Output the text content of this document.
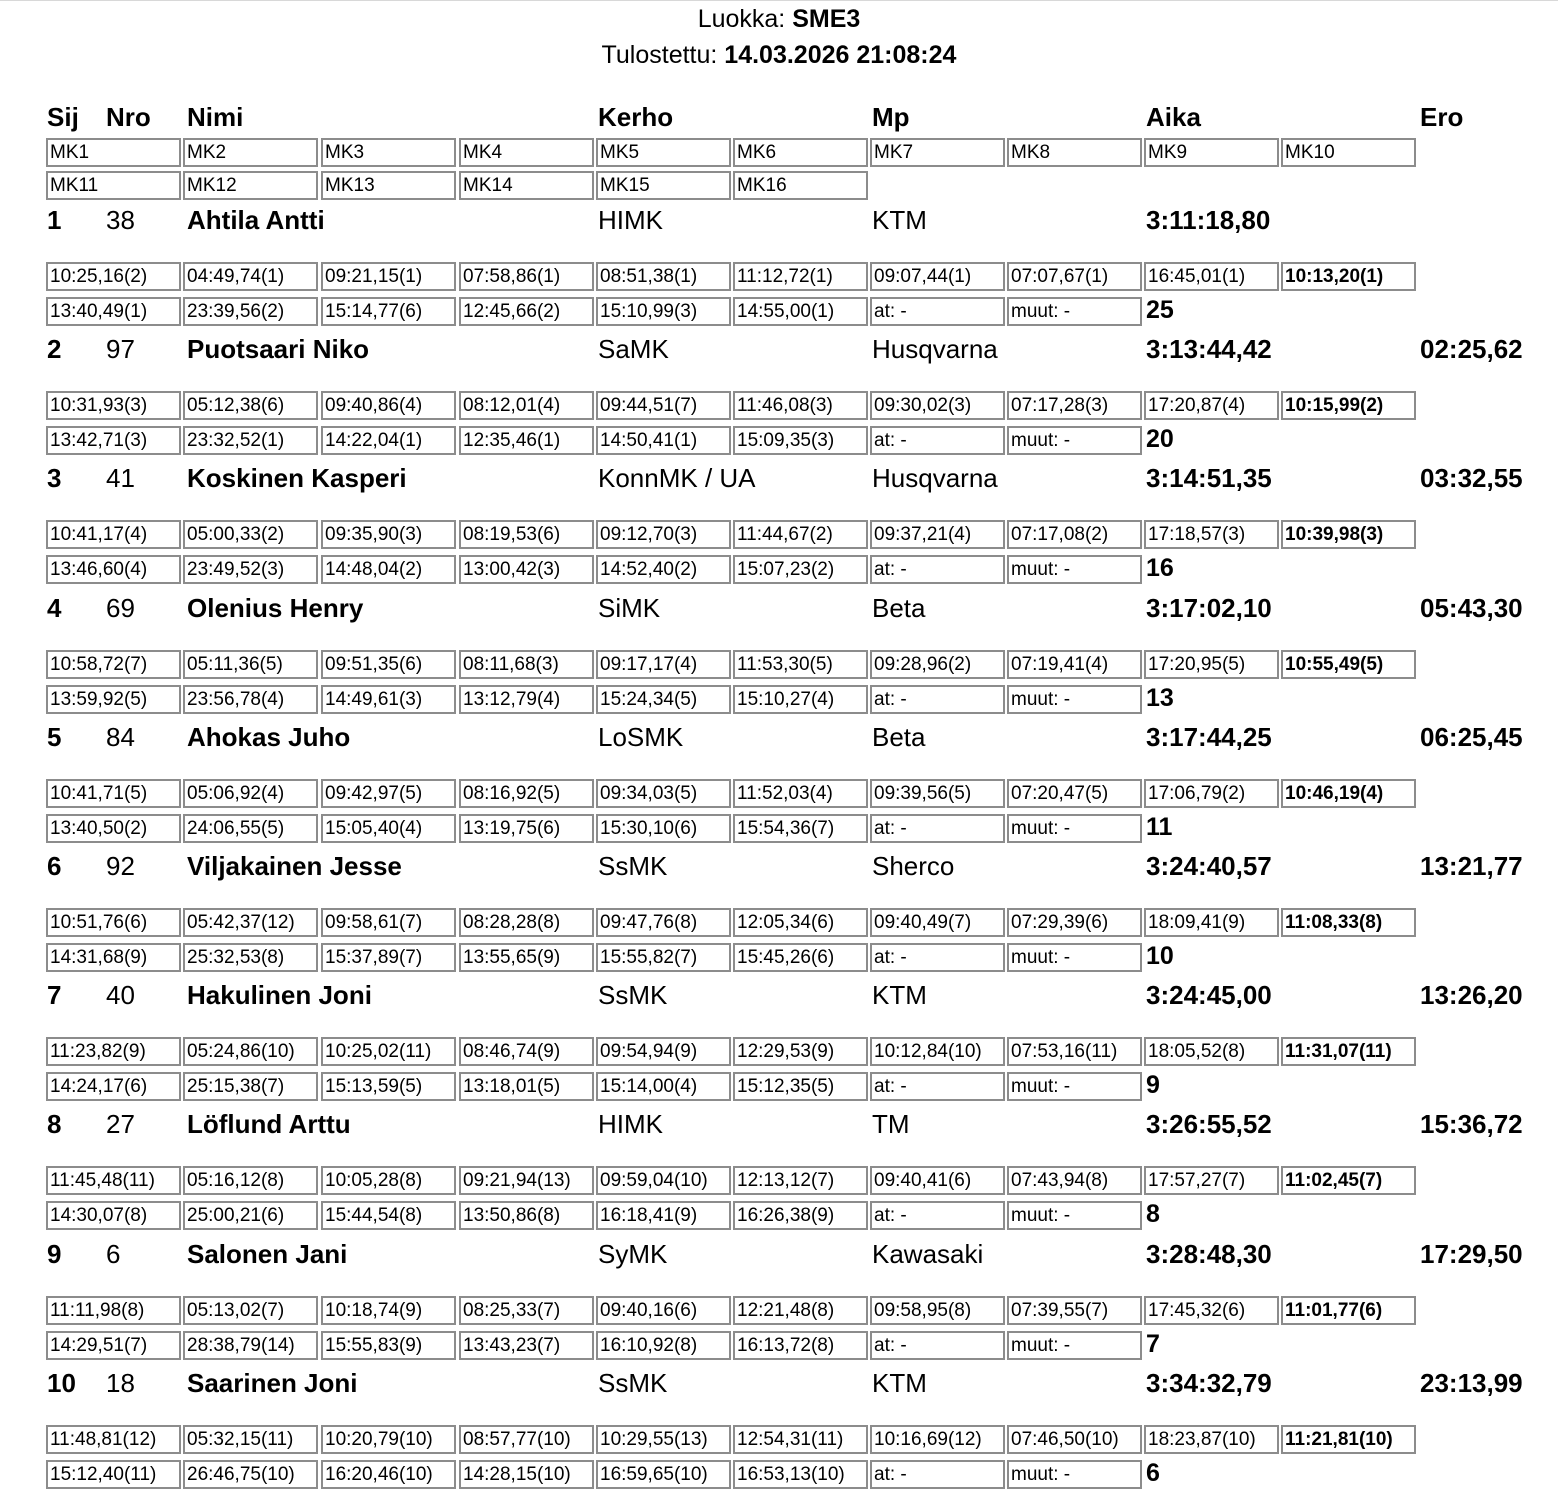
Luokka: SME3
Tulostettu: 14.03.2026 21:08:24
Sij Nro Nimi	Kerho	Mp	Aika	Ero
MK1	MK2	MK3	MK4	MK5	MK6	MK7	MK8	MK9	MK10
MK11	MK12	MK13	MK14	MK15	MK16
1 38 Ahtila Antti	HIMK	KTM	3:11:18,80
10:25,16(2)	04:49,74(1)	09:21,15(1)	07:58,86(1)	08:51,38(1)	11:12,72(1)	09:07,44(1)	07:07,67(1)	16:45,01(1)	10:13,20(1)
13:40,49(1)	23:39,56(2)	15:14,77(6)	12:45,66(2)	15:10,99(3)	14:55,00(1)	at: -	muut: -	25
2 97 Puotsaari Niko	SaMK	Husqvarna	3:13:44,42	02:25,62
10:31,93(3)	05:12,38(6)	09:40,86(4)	08:12,01(4)	09:44,51(7)	11:46,08(3)	09:30,02(3)	07:17,28(3)	17:20,87(4)	10:15,99(2)
13:42,71(3)	23:32,52(1)	14:22,04(1)	12:35,46(1)	14:50,41(1)	15:09,35(3)	at: -	muut: -	20
3 41 Koskinen Kasperi	KonnMK / UA	Husqvarna	3:14:51,35	03:32,55
10:41,17(4)	05:00,33(2)	09:35,90(3)	08:19,53(6)	09:12,70(3)	11:44,67(2)	09:37,21(4)	07:17,08(2)	17:18,57(3)	10:39,98(3)
13:46,60(4)	23:49,52(3)	14:48,04(2)	13:00,42(3)	14:52,40(2)	15:07,23(2)	at: -	muut: -	16
4 69 Olenius Henry	SiMK	Beta	3:17:02,10	05:43,30
10:58,72(7)	05:11,36(5)	09:51,35(6)	08:11,68(3)	09:17,17(4)	11:53,30(5)	09:28,96(2)	07:19,41(4)	17:20,95(5)	10:55,49(5)
13:59,92(5)	23:56,78(4)	14:49,61(3)	13:12,79(4)	15:24,34(5)	15:10,27(4)	at: -	muut: -	13
5 84 Ahokas Juho	LoSMK	Beta	3:17:44,25	06:25,45
10:41,71(5)	05:06,92(4)	09:42,97(5)	08:16,92(5)	09:34,03(5)	11:52,03(4)	09:39,56(5)	07:20,47(5)	17:06,79(2)	10:46,19(4)
13:40,50(2)	24:06,55(5)	15:05,40(4)	13:19,75(6)	15:30,10(6)	15:54,36(7)	at: -	muut: -	11
6 92 Viljakainen Jesse	SsMK	Sherco	3:24:40,57	13:21,77
10:51,76(6)	05:42,37(12)	09:58,61(7)	08:28,28(8)	09:47,76(8)	12:05,34(6)	09:40,49(7)	07:29,39(6)	18:09,41(9)	11:08,33(8)
14:31,68(9)	25:32,53(8)	15:37,89(7)	13:55,65(9)	15:55,82(7)	15:45,26(6)	at: -	muut: -	10
7 40 Hakulinen Joni	SsMK	KTM	3:24:45,00	13:26,20
11:23,82(9)	05:24,86(10)	10:25,02(11)	08:46,74(9)	09:54,94(9)	12:29,53(9)	10:12,84(10)	07:53,16(11)	18:05,52(8)	11:31,07(11)
14:24,17(6)	25:15,38(7)	15:13,59(5)	13:18,01(5)	15:14,00(4)	15:12,35(5)	at: -	muut: -	9
8 27 Löflund Arttu	HIMK	TM	3:26:55,52	15:36,72
11:45,48(11)	05:16,12(8)	10:05,28(8)	09:21,94(13)	09:59,04(10)	12:13,12(7)	09:40,41(6)	07:43,94(8)	17:57,27(7)	11:02,45(7)
14:30,07(8)	25:00,21(6)	15:44,54(8)	13:50,86(8)	16:18,41(9)	16:26,38(9)	at: -	muut: -	8
9 6	Salonen Jani	SyMK	Kawasaki	3:28:48,30	17:29,50
11:11,98(8)	05:13,02(7)	10:18,74(9)	08:25,33(7)	09:40,16(6)	12:21,48(8)	09:58,95(8)	07:39,55(7)	17:45,32(6)	11:01,77(6)
14:29,51(7)	28:38,79(14)	15:55,83(9)	13:43,23(7)	16:10,92(8)	16:13,72(8)	at: -	muut: -	7
10 18 Saarinen Joni	SsMK	KTM	3:34:32,79	23:13,99
11:48,81(12)	05:32,15(11)	10:20,79(10)	08:57,77(10)	10:29,55(13)	12:54,31(11)	10:16,69(12)	07:46,50(10)	18:23,87(10)	11:21,81(10)
15:12,40(11)	26:46,75(10)	16:20,46(10)	14:28,15(10)	16:59,65(10)	16:53,13(10)	at: -	muut: -	6
